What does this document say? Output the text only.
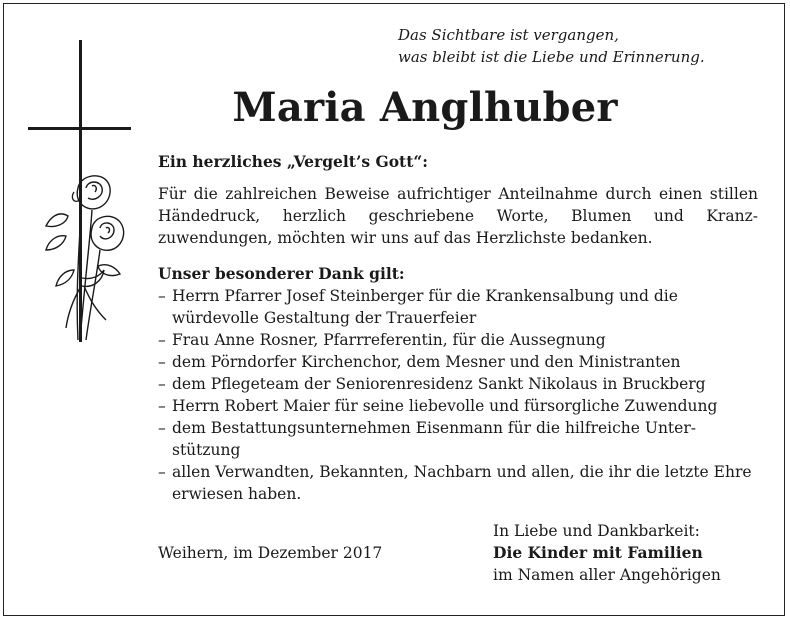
Das Sichtbare ist vergangen,
was bleibt ist die Liebe und Erinnerung.
Maria Anglhuber

Ein herzliches „Vergelt’s Gott“:

Für die zahlreichen Beweise aufrichtiger Anteilnahme durch einen stillen Händedruck, herzlich geschriebene Worte, Blumen und Kranzzuwendungen, möchten wir uns auf das Herzlichste bedanken.

Unser besonderer Dank gilt:

– Herrn Pfarrer Josef Steinberger für die Krankensalbung und die würdevolle Gestaltung der Trauerfeier
– Frau Anne Rosner, Pfarrreferentin, für die Aussegnung
– dem Pörndorfer Kirchenchor, dem Mesner und den Ministranten
– dem Pflegeteam der Seniorenresidenz Sankt Nikolaus in Bruckberg
– Herrn Robert Maier für seine liebevolle und fürsorgliche Zuwendung
– dem Bestattungsunternehmen Eisenmann für die hilfreiche Unterstützung
– allen Verwandten, Bekannten, Nachbarn und allen, die ihr die letzte Ehre erwiesen haben.
Weihern, im Dezember 2017
In Liebe und Dankbarkeit:
Die Kinder mit Familien
im Namen aller Angehörigen
